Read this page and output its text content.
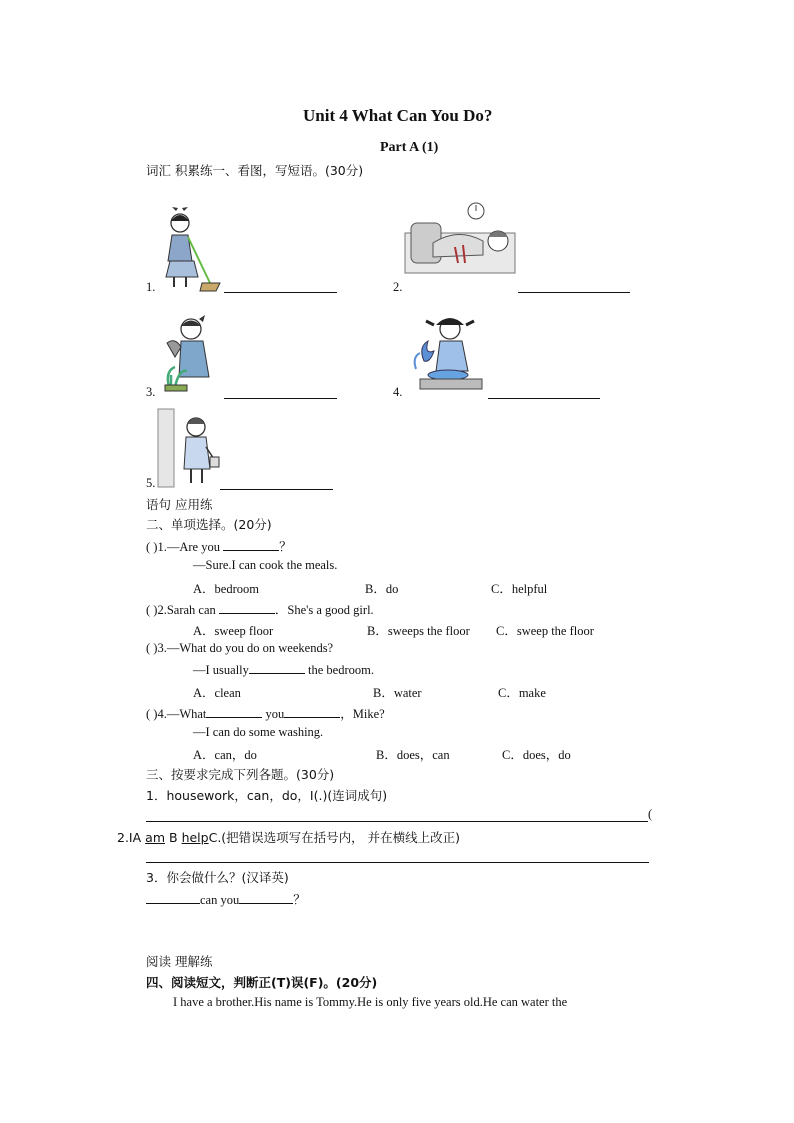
Unit 4 What Can You Do?
Part A (1)
词汇 积累练一、看图，写短语。(30分)
1.	2.
3.	4.
5.
语句 应用练
二、单项选择。(20分)
( )1.—Are you	？
—Sure.I can cook the meals.
A．bedroom	B．do	C．helpful
( )2.Sarah can	．She's a good girl.
A．sweep floor	B．sweeps the floor C．sweep the floor
( )3.—What do you do on weekends?
—I usually	the bedroom.
A．clean	B．water	C．make
( )4.—What	you	，Mike?
—I can do some washing.
A．can，do	B．does，can	C．does，do
三、按要求完成下列各题。(30分)
1．housework，can，do，I(.)(连词成句)
(
2.IA am B helpC.(把错误选项写在括号内， 并在横线上改正)
3．你会做什么？(汉译英)
can you	？
阅读 理解练
四、阅读短文，判断正(T)误(F)。(20分)
I have a brother.His name is Tommy.He is only five years old.He can water the
